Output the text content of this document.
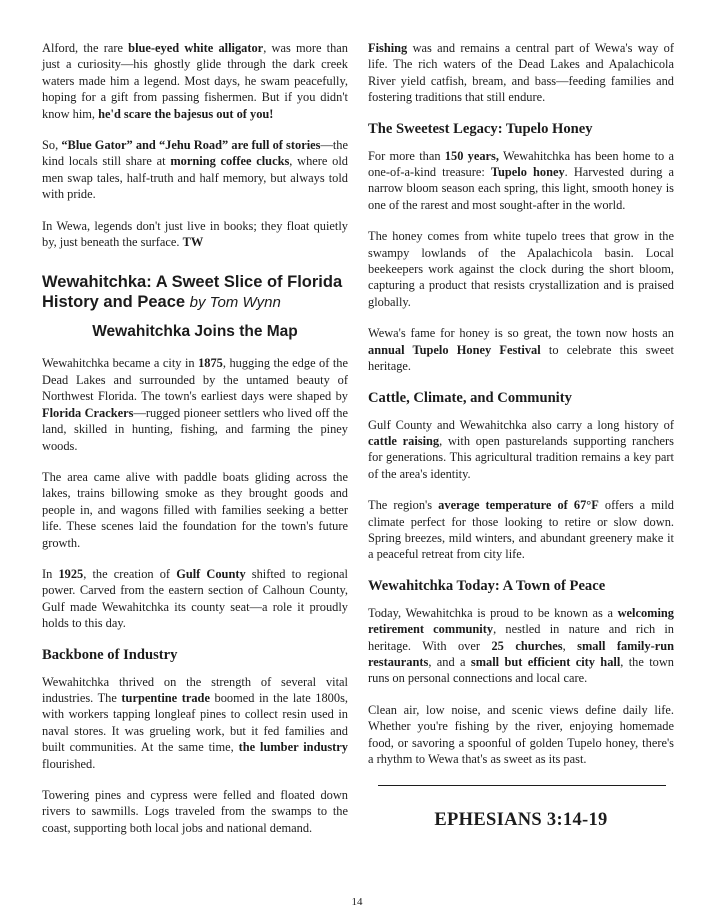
Alford, the rare blue-eyed white alligator, was more than just a curiosity—his ghostly glide through the dark creek waters made him a legend. Most days, he swam peacefully, hoping for a gift from passing fishermen. But if you didn't know him, he'd scare the bajesus out of you!

So, “Blue Gator” and “Jehu Road” are full of stories—the kind locals still share at morning coffee clucks, where old men swap tales, half-truth and half memory, but always told with pride.

In Wewa, legends don't just live in books; they float quietly by, just beneath the surface. TW

Wewahitchka: A Sweet Slice of Florida History and Peace by Tom Wynn
Wewahitchka Joins the Map

Wewahitchka became a city in 1875, hugging the edge of the Dead Lakes and surrounded by the untamed beauty of Northwest Florida. The town's earliest days were shaped by Florida Crackers—rugged pioneer settlers who lived off the land, skilled in hunting, fishing, and farming the piney woods.

The area came alive with paddle boats gliding across the lakes, trains billowing smoke as they brought goods and people in, and wagons filled with families seeking a better life. These scenes laid the foundation for the town's future growth.

In 1925, the creation of Gulf County shifted to regional power. Carved from the eastern section of Calhoun County, Gulf made Wewahitchka its county seat—a role it proudly holds to this day.

Backbone of Industry

Wewahitchka thrived on the strength of several vital industries. The turpentine trade boomed in the late 1800s, with workers tapping longleaf pines to collect resin used in naval stores. It was grueling work, but it fed families and built communities. At the same time, the lumber industry flourished.

Towering pines and cypress were felled and floated down rivers to sawmills. Logs traveled from the swamps to the coast, supporting both local jobs and national demand.

Fishing was and remains a central part of Wewa's way of life. The rich waters of the Dead Lakes and Apalachicola River yield catfish, bream, and bass—feeding families and fostering traditions that still endure.

The Sweetest Legacy: Tupelo Honey

For more than 150 years, Wewahitchka has been home to a one-of-a-kind treasure: Tupelo honey. Harvested during a narrow bloom season each spring, this light, smooth honey is one of the rarest and most sought-after in the world.

The honey comes from white tupelo trees that grow in the swampy lowlands of the Apalachicola basin. Local beekeepers work against the clock during the short bloom, capturing a product that resists crystallization and is praised globally.

Wewa's fame for honey is so great, the town now hosts an annual Tupelo Honey Festival to celebrate this sweet heritage.

Cattle, Climate, and Community

Gulf County and Wewahitchka also carry a long history of cattle raising, with open pasturelands supporting ranchers for generations. This agricultural tradition remains a key part of the area's identity.

The region's average temperature of 67°F offers a mild climate perfect for those looking to retire or slow down. Spring breezes, mild winters, and abundant greenery make it a peaceful retreat from city life.

Wewahitchka Today: A Town of Peace

Today, Wewahitchka is proud to be known as a welcoming retirement community, nestled in nature and rich in heritage. With over 25 churches, small family-run restaurants, and a small but efficient city hall, the town runs on personal connections and local care.

Clean air, low noise, and scenic views define daily life. Whether you're fishing by the river, enjoying homemade food, or savoring a spoonful of golden Tupelo honey, there's a rhythm to Wewa that's as sweet as its past.

EPHESIANS 3:14-19
14
